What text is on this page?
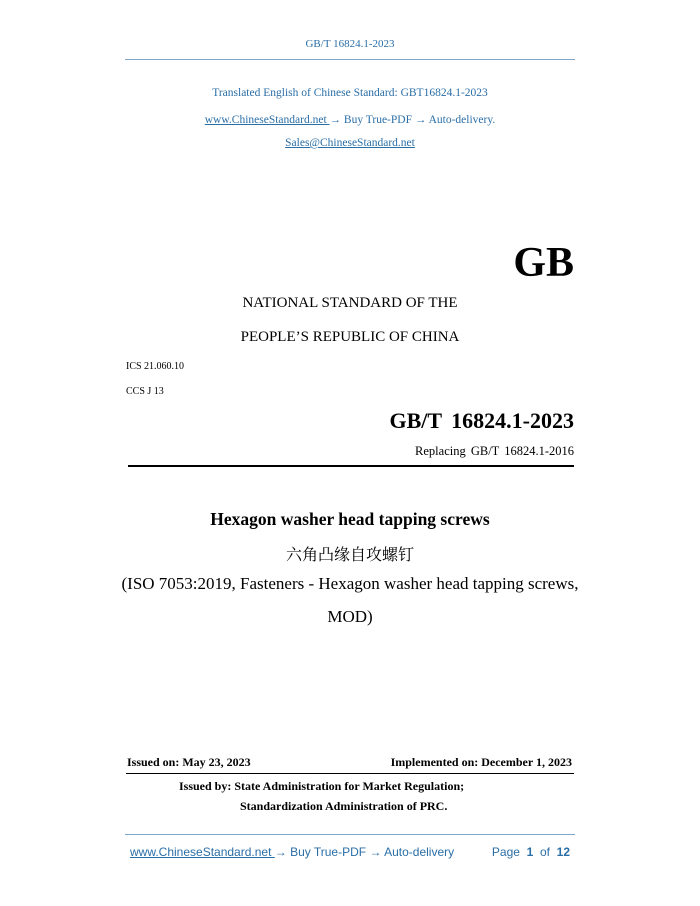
GB/T 16824.1-2023
Translated English of Chinese Standard: GBT16824.1-2023
www.ChineseStandard.net → Buy True-PDF → Auto-delivery.
Sales@ChineseStandard.net
GB
NATIONAL STANDARD OF THE
PEOPLE’S REPUBLIC OF CHINA
ICS 21.060.10
CCS J 13
GB/T 16824.1-2023
Replacing GB/T 16824.1-2016
Hexagon washer head tapping screws
六角凸缘自攻螺钉
(ISO 7053:2019, Fasteners - Hexagon washer head tapping screws,
MOD)
Issued on: May 23, 2023	Implemented on: December 1, 2023
Issued by: State Administration for Market Regulation;
Standardization Administration of PRC.
www.ChineseStandard.net → Buy True-PDF → Auto-delivery	Page 1 of 12
